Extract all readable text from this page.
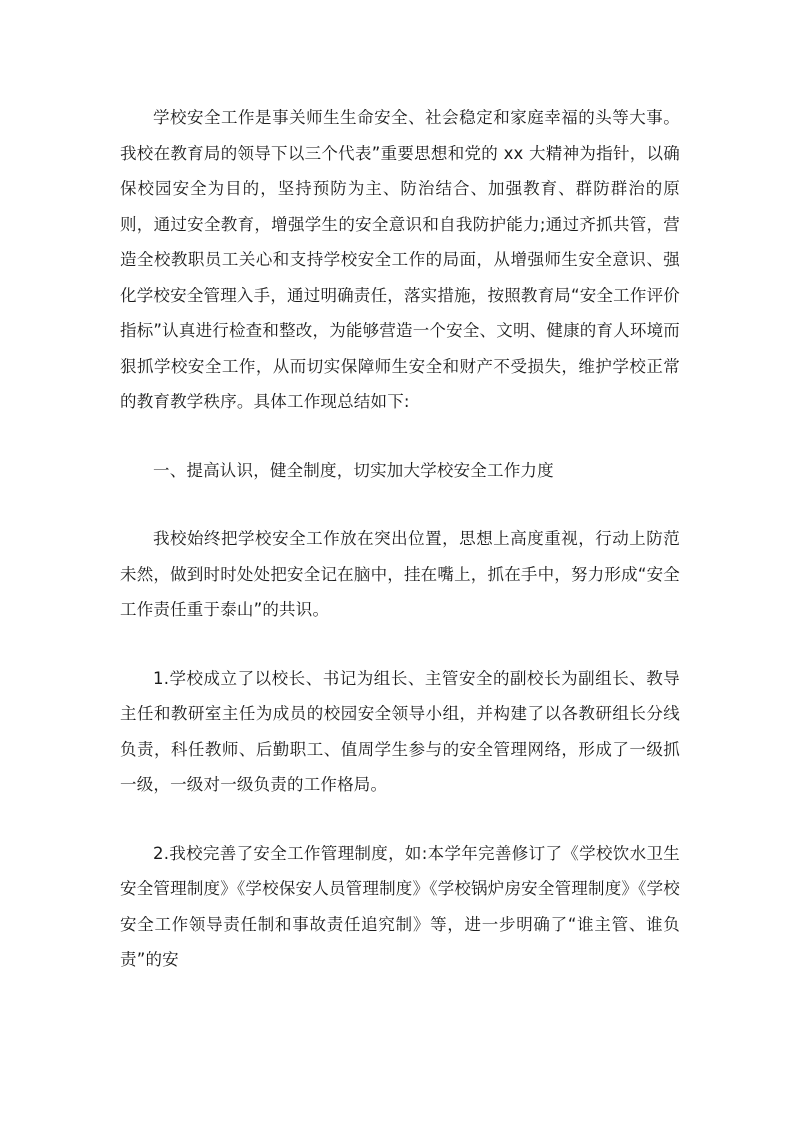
学校安全工作是事关师生生命安全、社会稳定和家庭幸福的头等大事。我校在教育局的领导下以三个代表”重要思想和党的 xx 大精神为指针，以确保校园安全为目的，坚持预防为主、防治结合、加强教育、群防群治的原则，通过安全教育，增强学生的安全意识和自我防护能力;通过齐抓共管，营造全校教职员工关心和支持学校安全工作的局面，从增强师生安全意识、强化学校安全管理入手，通过明确责任，落实措施，按照教育局“安全工作评价指标”认真进行检查和整改，为能够营造一个安全、文明、健康的育人环境而狠抓学校安全工作，从而切实保障师生安全和财产不受损失，维护学校正常的教育教学秩序。具体工作现总结如下:

一、提高认识，健全制度，切实加大学校安全工作力度

我校始终把学校安全工作放在突出位置，思想上高度重视，行动上防范未然，做到时时处处把安全记在脑中，挂在嘴上，抓在手中，努力形成“安全工作责任重于泰山”的共识。

1.学校成立了以校长、书记为组长、主管安全的副校长为副组长、教导主任和教研室主任为成员的校园安全领导小组，并构建了以各教研组长分线负责，科任教师、后勤职工、值周学生参与的安全管理网络，形成了一级抓一级，一级对一级负责的工作格局。

2.我校完善了安全工作管理制度，如:本学年完善修订了《学校饮水卫生安全管理制度》《学校保安人员管理制度》《学校锅炉房安全管理制度》《学校安全工作领导责任制和事故责任追究制》等，进一步明确了“谁主管、谁负责”的安
